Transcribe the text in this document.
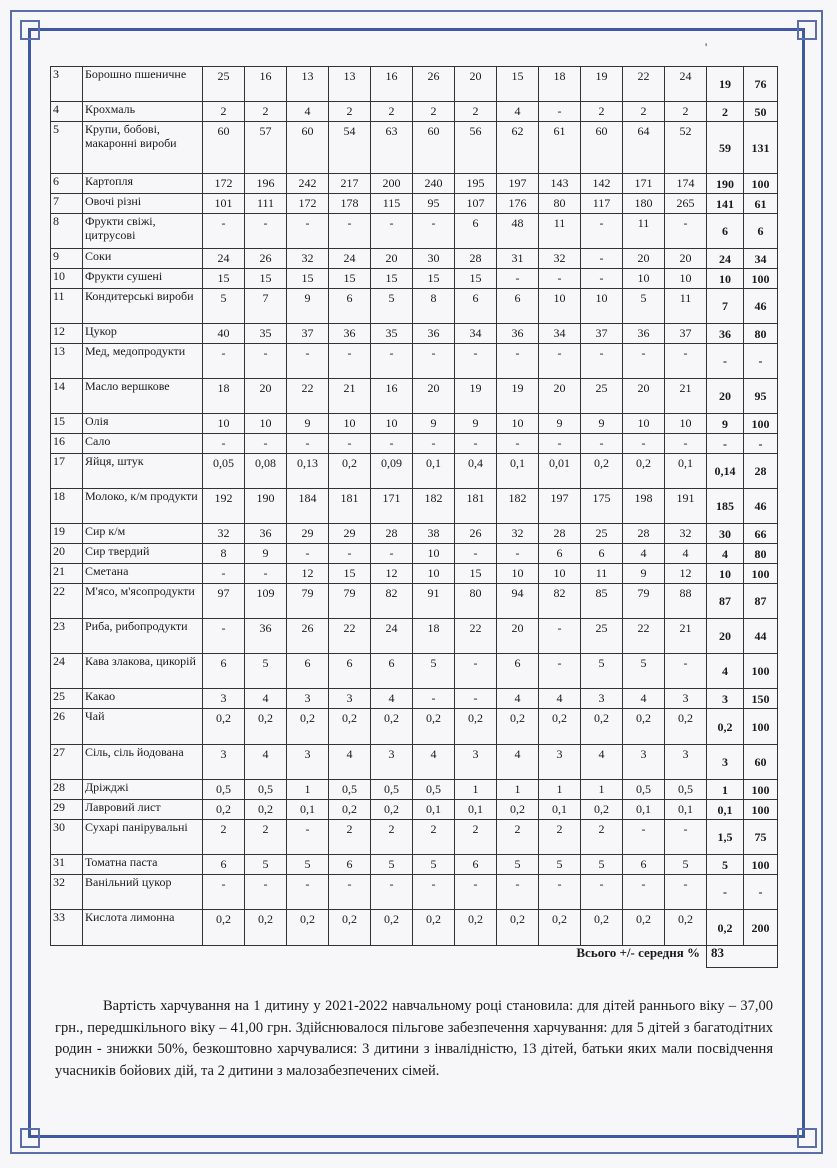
'
3	Борошно пшеничне	25	16	13	13	16	26	20	15	18	19	22	24	19	76
4	Крохмаль	2	2	4	2	2	2	2	4	-	2	2	2	2	50
5	Крупи, бобові, макаронні вироби	60	57	60	54	63	60	56	62	61	60	64	52	59	131
6	Картопля	172	196	242	217	200	240	195	197	143	142	171	174	190	100
7	Овочі різні	101	111	172	178	115	95	107	176	80	117	180	265	141	61
8	Фрукти свіжі, цитрусові	-	-	-	-	-	-	6	48	11	-	11	-	6	6
9	Соки	24	26	32	24	20	30	28	31	32	-	20	20	24	34
10	Фрукти сушені	15	15	15	15	15	15	15	-	-	-	10	10	10	100
11	Кондитерські вироби	5	7	9	6	5	8	6	6	10	10	5	11	7	46
12	Цукор	40	35	37	36	35	36	34	36	34	37	36	37	36	80
13	Мед, медопродукти	-	-	-	-	-	-	-	-	-	-	-	-	-	-
14	Масло вершкове	18	20	22	21	16	20	19	19	20	25	20	21	20	95
15	Олія	10	10	9	10	10	9	9	10	9	9	10	10	9	100
16	Сало	-	-	-	-	-	-	-	-	-	-	-	-	-	-
17	Яйця, штук	0,05	0,08	0,13	0,2	0,09	0,1	0,4	0,1	0,01	0,2	0,2	0,1	0,14	28
18	Молоко, к/м продукти	192	190	184	181	171	182	181	182	197	175	198	191	185	46
19	Сир к/м	32	36	29	29	28	38	26	32	28	25	28	32	30	66
20	Сир твердий	8	9	-	-	-	10	-	-	6	6	4	4	4	80
21	Сметана	-	-	12	15	12	10	15	10	10	11	9	12	10	100
22	М'ясо, м'ясопродукти	97	109	79	79	82	91	80	94	82	85	79	88	87	87
23	Риба, рибопродукти	-	36	26	22	24	18	22	20	-	25	22	21	20	44
24	Кава злакова, цикорій	6	5	6	6	6	5	-	6	-	5	5	-	4	100
25	Какао	3	4	3	3	4	-	-	4	4	3	4	3	3	150
26	Чай	0,2	0,2	0,2	0,2	0,2	0,2	0,2	0,2	0,2	0,2	0,2	0,2	0,2	100
27	Сіль, сіль йодована	3	4	3	4	3	4	3	4	3	4	3	3	3	60
28	Дріжджі	0,5	0,5	1	0,5	0,5	0,5	1	1	1	1	0,5	0,5	1	100
29	Лавровий лист	0,2	0,2	0,1	0,2	0,2	0,1	0,1	0,2	0,1	0,2	0,1	0,1	0,1	100
30	Сухарі панірувальні	2	2	-	2	2	2	2	2	2	2	-	-	1,5	75
31	Томатна паста	6	5	5	6	5	5	6	5	5	5	6	5	5	100
32	Ванільний цукор	-	-	-	-	-	-	-	-	-	-	-	-	-	-
33	Кислота лимонна	0,2	0,2	0,2	0,2	0,2	0,2	0,2	0,2	0,2	0,2	0,2	0,2	0,2	200
Всього +/- середня %														83	
Вартість харчування на 1 дитину у 2021-2022 навчальному році становила: для дітей раннього віку – 37,00 грн., передшкільного віку – 41,00 грн. Здійснювалося пільгове забезпечення харчування: для 5 дітей з багатодітних родин - знижки 50%, безкоштовно харчувалися: 3 дитини з інвалідністю, 13 дітей, батьки яких мали посвідчення учасників бойових дій, та 2 дитини з малозабезпечених сімей.
